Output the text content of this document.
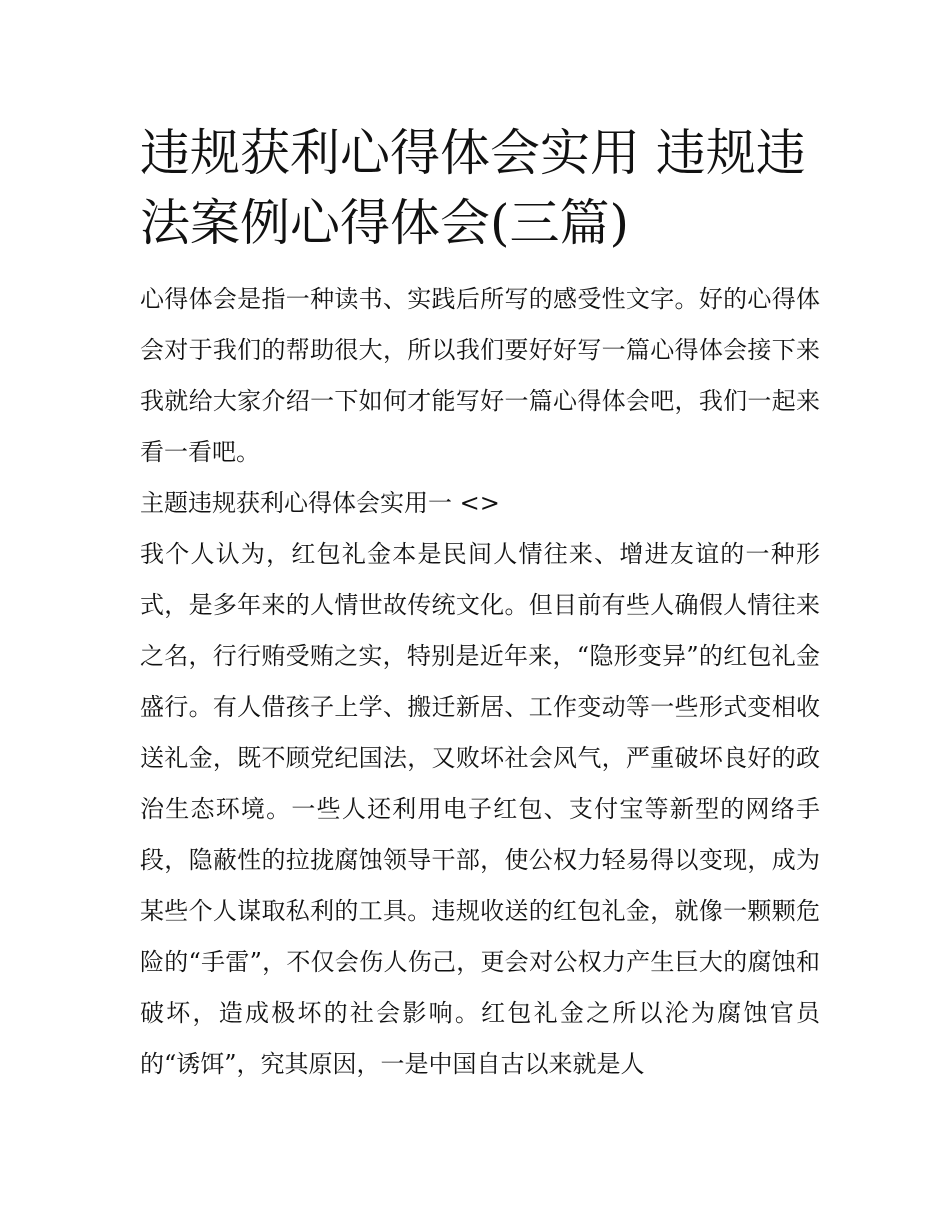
违规获利心得体会实用 违规违法案例心得体会(三篇)

心得体会是指一种读书、实践后所写的感受性文字。好的心得体会对于我们的帮助很大，所以我们要好好写一篇心得体会接下来我就给大家介绍一下如何才能写好一篇心得体会吧，我们一起来看一看吧。

主题违规获利心得体会实用一 <>

我个人认为，红包礼金本是民间人情往来、增进友谊的一种形式，是多年来的人情世故传统文化。但目前有些人确假人情往来之名，行行贿受贿之实，特别是近年来，“隐形变异”的红包礼金盛行。有人借孩子上学、搬迁新居、工作变动等一些形式变相收送礼金，既不顾党纪国法，又败坏社会风气，严重破坏良好的政治生态环境。一些人还利用电子红包、支付宝等新型的网络手段，隐蔽性的拉拢腐蚀领导干部，使公权力轻易得以变现，成为某些个人谋取私利的工具。违规收送的红包礼金，就像一颗颗危险的“手雷”，不仅会伤人伤己，更会对公权力产生巨大的腐蚀和破坏，造成极坏的社会影响。红包礼金之所以沦为腐蚀官员的“诱饵”，究其原因，一是中国自古以来就是人
